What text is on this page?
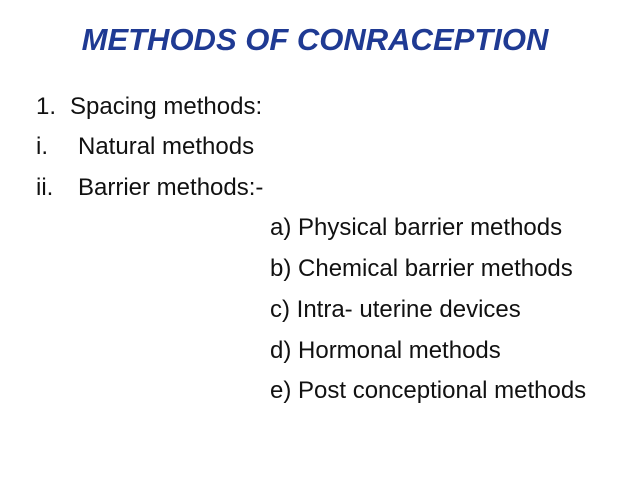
METHODS OF CONRACEPTION
1. Spacing methods:
i. Natural methods
ii. Barrier methods:-
a) Physical barrier methods
b) Chemical barrier methods
c) Intra- uterine devices
d) Hormonal methods
e) Post conceptional methods
